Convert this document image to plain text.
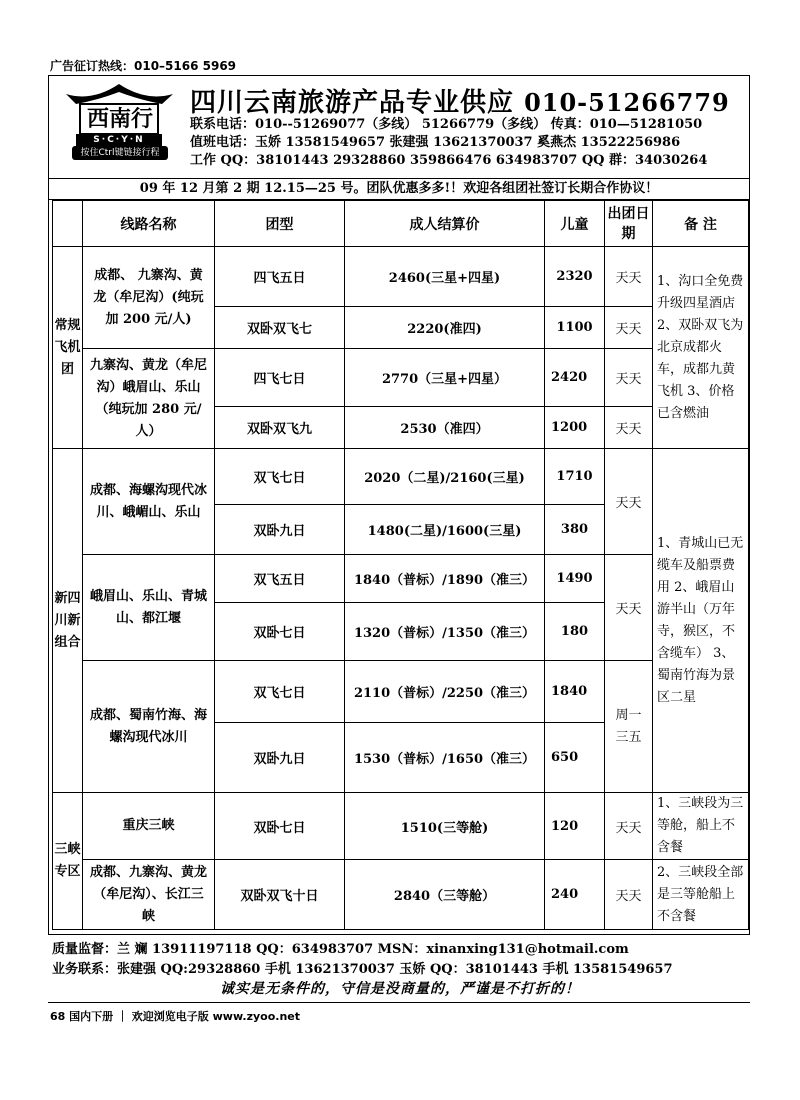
广告征订热线：010–5166 5969
西南行
S·C·Y·N
按住Ctrl键链接行程
四川云南旅游产品专业供应 010-51266779
联系电话：010--51269077（多线） 51266779（多线） 传真：010—51281050
值班电话：玉娇 13581549657 张建强 13621370037 奚燕杰 13522256986
工作 QQ：38101443 29328860 359866476 634983707 QQ 群：34030264
09 年 12 月第 2 期 12.15—25 号。团队优惠多多!！欢迎各组团社签订长期合作协议！
	线路名称	团型	成人结算价	儿童	出团日期	备 注
常规飞机团	成都、 九寨沟、黄龙（牟尼沟）(纯玩加 200 元/人)	四飞五日	2460(三星+四星)	2320	天天	1、沟口全免费升级四星酒店 2、双卧双飞为北京成都火车，成都九黄飞机 3、价格已含燃油
		双卧双飞七	2220(准四)	1100	天天	
	九寨沟、黄龙（牟尼沟）峨眉山、乐山（纯玩加 280 元/人）	四飞七日	2770（三星+四星）	2420	天天	
		双卧双飞九	2530（准四）	1200	天天	
新四川新组合	成都、海螺沟现代冰川、峨嵋山、乐山	双飞七日	2020（二星)/2160(三星)	1710	天天	1、青城山已无缆车及船票费用 2、峨眉山游半山（万年寺，猴区，不含缆车） 3、蜀南竹海为景区二星
		双卧九日	1480(二星)/1600(三星)	380		
	峨眉山、乐山、青城山、都江堰	双飞五日	1840（普标）/1890（准三）	1490	天天	
		双卧七日	1320（普标）/1350（准三）	180		
	成都、蜀南竹海、海螺沟现代冰川	双飞七日	2110（普标）/2250（准三）	1840	周一三五	
		双卧九日	1530（普标）/1650（准三）	650		
三峡专区	重庆三峡	双卧七日	1510(三等舱)	120	天天	1、三峡段为三等舱，船上不含餐
	成都、九寨沟、黄龙（牟尼沟）、长江三峡	双卧双飞十日	2840（三等舱）	240	天天	2、三峡段全部是三等舱船上不含餐
质量监督：兰 斓 13911197118 QQ：634983707 MSN：xinanxing131@hotmail.com
业务联系：张建强 QQ:29328860 手机 13621370037 玉娇 QQ：38101443 手机 13581549657
诚实是无条件的，守信是没商量的，严谨是不打折的！
68 国内下册 ｜ 欢迎浏览电子版 www.zyoo.net
